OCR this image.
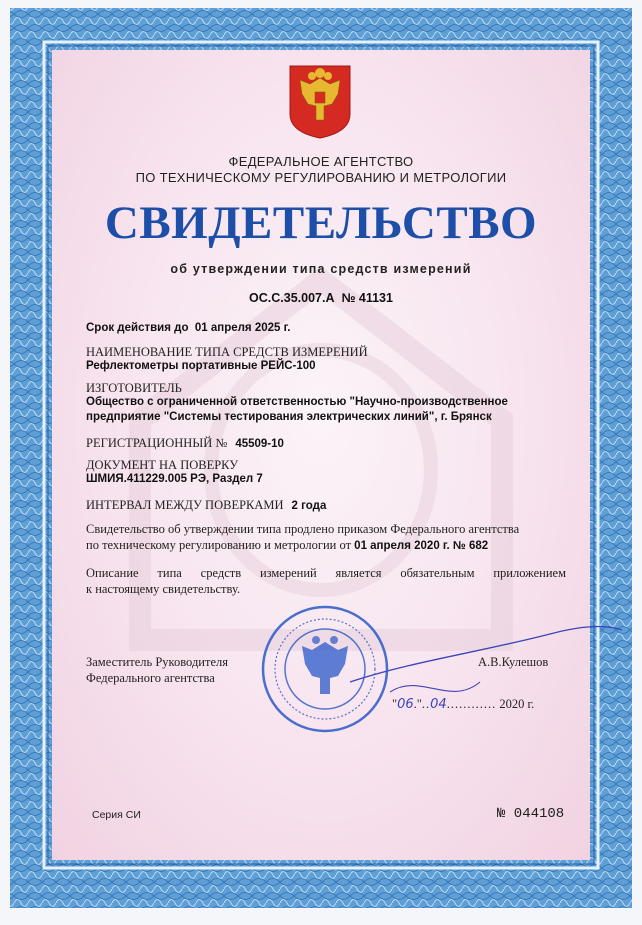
ФЕДЕРАЛЬНОЕ АГЕНТСТВО
ПО ТЕХНИЧЕСКОМУ РЕГУЛИРОВАНИЮ И МЕТРОЛОГИИ
СВИДЕТЕЛЬСТВО
об утверждении типа средств измерений
OC.C.35.007.A № 41131
Срок действия до 01 апреля 2025 г.
НАИМЕНОВАНИЕ ТИПА СРЕДСТВ ИЗМЕРЕНИЙ
Рефлектометры портативные РЕЙС-100
ИЗГОТОВИТЕЛЬ
Общество с ограниченной ответственностью "Научно-производственное
предприятие "Системы тестирования электрических линий", г. Брянск
РЕГИСТРАЦИОННЫЙ № 45509-10
ДОКУМЕНТ НА ПОВЕРКУ
ШМИЯ.411229.005 РЭ, Раздел 7
ИНТЕРВАЛ МЕЖДУ ПОВЕРКАМИ 2 года
Свидетельство об утверждении типа продлено приказом Федерального агентства
по техническому регулированию и метрологии от 01 апреля 2020 г. № 682
Описание типа средств измерений является обязательным приложением
к настоящему свидетельству.
Заместитель Руководителя
Федерального агентства
А.В.Кулешов
"06."..04............ 2020 г.
Серия СИ	№ 044108
